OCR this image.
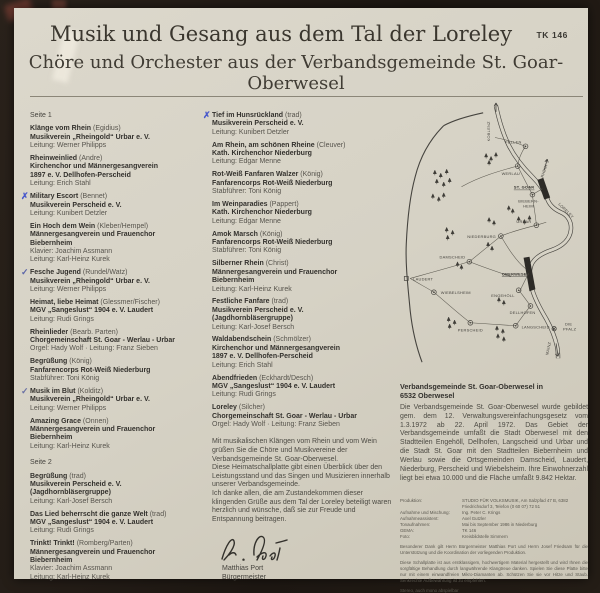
TK 146
Musik und Gesang aus dem Tal der Loreley
Chöre und Orchester aus der Verbandsgemeinde St. Goar-Oberwesel
Seite 1
Klänge vom Rhein (Egidius)
Musikverein „Rheingold“ Urbar e. V.
Leitung: Werner Philipps
Rheinweinlied (Andre)
Kirchenchor und Männergesangverein
1897 e. V. Dellhofen-Perscheid
Leitung: Erich Stahl
✗ Military Escort (Bennet)
Musikverein Perscheid e. V.
Leitung: Kunibert Detzler
Ein Hoch dem Wein (Kleber/Hempel)
Männergesangverein und Frauenchor
Biebernheim
Klavier: Joachim Assmann
Leitung: Karl-Heinz Kurek
✓ Fesche Jugend (Rundel/Watz)
Musikverein „Rheingold“ Urbar e. V.
Leitung: Werner Philipps
Heimat, liebe Heimat (Glessmer/Fischer)
MGV „Sangeslust“ 1904 e. V. Laudert
Leitung: Rudi Grings
Rheinlieder (Bearb. Parten)
Chorgemeinschaft St. Goar - Werlau - Urbar
Orgel: Hady Wolf · Leitung: Franz Sieben
Begrüßung (König)
Fanfarencorps Rot-Weiß Niederburg
Stabführer: Toni König
✓ Musik im Blut (Kolditz)
Musikverein „Rheingold“ Urbar e. V.
Leitung: Werner Philipps
Amazing Grace (Onnen)
Männergesangverein und Frauenchor
Biebernheim
Leitung: Karl-Heinz Kurek
Seite 2
Begrüßung (trad)
Musikverein Perscheid e. V.
(Jagdhornbläsergruppe)
Leitung: Karl-Josef Bersch
Das Lied beherrscht die ganze Welt (trad)
MGV „Sangeslust“ 1904 e. V. Laudert
Leitung: Rudi Grings
Trinkt! Trinkt! (Romberg/Parten)
Männergesangverein und Frauenchor
Biebernheim
Klavier: Joachim Assmann
Leitung: Karl-Heinz Kurek
✗ Tief im Hunsrückland (trad)
Musikverein Perscheid e. V.
Leitung: Kunibert Detzler
Am Rhein, am schönen Rheine (Cleuver)
Kath. Kirchenchor Niederburg
Leitung: Edgar Menne
Rot-Weiß Fanfaren Walzer (König)
Fanfarencorps Rot-Weiß Niederburg
Stabführer: Toni König
Im Weinparadies (Pappert)
Kath. Kirchenchor Niederburg
Leitung: Edgar Menne
Amok Marsch (König)
Fanfarencorps Rot-Weiß Niederburg
Stabführer: Toni König
Silberner Rhein (Christ)
Männergesangverein und Frauenchor
Biebernheim
Leitung: Karl-Heinz Kurek
Festliche Fanfare (trad)
Musikverein Perscheid e. V.
(Jagdhornbläsergruppe)
Leitung: Karl-Josef Bersch
Waldabendschein (Schmölzer)
Kirchenchor und Männergesangverein
1897 e. V. Dellhofen-Perscheid
Leitung: Erich Stahl
Abendfrieden (Eckhardt/Desch)
MGV „Sangeslust“ 1904 e. V. Laudert
Leitung: Rudi Grings
Loreley (Silcher)
Chorgemeinschaft St. Goar - Werlau - Urbar
Orgel: Hady Wolf · Leitung: Franz Sieben
Mit musikalischen Klängen vom Rhein und vom Wein grüßen Sie die Chöre und Musikvereine der Verbandsgemeinde St. Goar-Oberwesel.
Diese Heimatschallplatte gibt einen Überblick über den Leistungsstand und das Singen und Musizieren innerhalb unserer Verbandsgemeinde.
Ich danke allen, die am Zustandekommen dieser klingenden Grüße aus dem Tal der Loreley beteiligt waren herzlich und wünsche, daß sie zur Freude und Entspannung beitragen.
Matthias Port
Bürgermeister
FELLEN
WERLAU
ST. GOAR
BIEBERN-
HEIM
URBAR
NIEDERBURG
DAMSCHEID
LAUDERT
WIEBELSHEIM
OBERWESEL
ENGEHÖLL
DELLHOFEN
PERSCHEID
LANGSCHEID
LORELEY
KOBLENZ
RHEIN
MAINZ
DIE
PFALZ
Verbandsgemeinde St. Goar-Oberwesel in
6532 Oberwesel
Die Verbandsgemeinde St. Goar-Oberwesel wurde gebildet gem. dem 12. Verwaltungsvereinfachungsgesetz vom 1.3.1972 ab 22. April 1972. Das Gebiet der Verbandsgemeinde umfaßt die Stadt Oberwesel mit den Stadtteilen Engehöll, Dellhofen, Langscheid und Urbar und die Stadt St. Goar mit den Stadtteilen Biebernheim und Werlau sowie die Ortsgemeinden Damscheid, Laudert, Niederburg, Perscheid und Wiebelsheim. Ihre Einwohnerzahl liegt bei etwa 10.000 und die Fläche umfaßt 9.842 Hektar.
Produktion:	STUDIO FÜR VOLKSMUSIK, Am Salzpfad 47 B, 6382 Friedrichsdorf 3, Telefon (0 60 07) 72 51
Aufnahme und Mischung:	Ing. Peter C. Krings
Aufnahmeassistent:	Axel Gutzler
Tonaufnahmen:	Mai bis September 1986 in Niederburg
GEMA:	TK 146
Foto:	Kreisbildstelle Simmern
Besonderer Dank gilt Herrn Bürgermeister Matthias Port und Herrn Josef Friedsam für die Unterstützung und die Koordination der vorliegenden Produktion.
Diese Schallplatte ist aus erstklassigem, hochwertigem Material hergestellt und wird Ihnen die sorgfältige Behandlung durch langwährende Klangtreue danken. Spielen Sie diese Platte bitte nur mit einem einwandfreien Mikro-Diamanten ab. Schützen Sie sie vor Hitze und Staub. Senkrechte Aufbewahrung ist zu empfehlen.
Stereo, auch mono abspielbar
